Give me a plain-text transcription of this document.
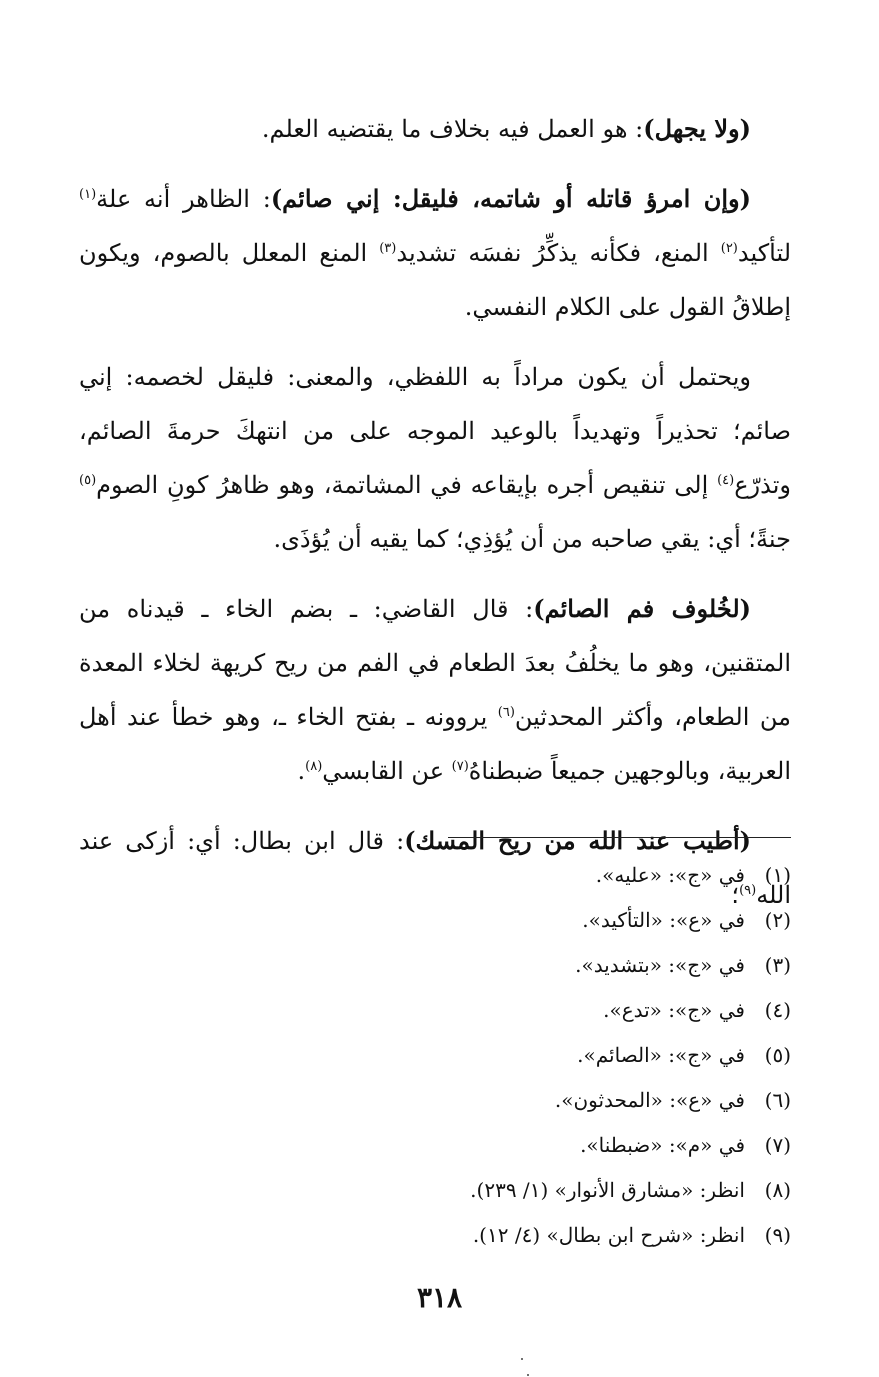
(ولا يجهل): هو العمل فيه بخلاف ما يقتضيه العلم.

(وإن امرؤ قاتله أو شاتمه، فليقل: إني صائم): الظاهر أنه علة$^{(١)}$ لتأكيد$^{(٢)}$ المنع، فكأنه يذكِّرُ نفسَه تشديد$^{(٣)}$ المنع المعلل بالصوم، ويكون إطلاقُ القول على الكلام النفسي.

ويحتمل أن يكون مراداً به اللفظي، والمعنى: فليقل لخصمه: إني صائم؛ تحذيراً وتهديداً بالوعيد الموجه على من انتهكَ حرمةَ الصائم، وتذرّع$^{(٤)}$ إلى تنقيص أجره بإيقاعه في المشاتمة، وهو ظاهرُ كونِ الصوم$^{(٥)}$ جنةً؛ أي: يقي صاحبه من أن يُؤذِي؛ كما يقيه أن يُؤذَى.

(لخُلوف فم الصائم): قال القاضي: ـ بضم الخاء ـ قيدناه من المتقنين، وهو ما يخلُفُ بعدَ الطعام في الفم من ريح كريهة لخلاء المعدة من الطعام، وأكثر المحدثين$^{(٦)}$ يروونه ـ بفتح الخاء ـ، وهو خطأ عند أهل العربية، وبالوجهين جميعاً ضبطناهُ$^{(٧)}$ عن القابسي$^{(٨)}$.

(أطيب عند الله من ريح المسك): قال ابن بطال: أي: أزكى عند الله$^{(٩)}$؛

(١)
في «ج»: «عليه».
(٢)
في «ع»: «التأكيد».
(٣)
في «ج»: «بتشديد».
(٤)
في «ج»: «تدع».
(٥)
في «ج»: «الصائم».
(٦)
في «ع»: «المحدثون».
(٧)
في «م»: «ضبطنا».
(٨)
انظر: «مشارق الأنوار» (١/ ٢٣٩).
(٩)
انظر: «شرح ابن بطال» (٤/ ١٢).
٣١٨
